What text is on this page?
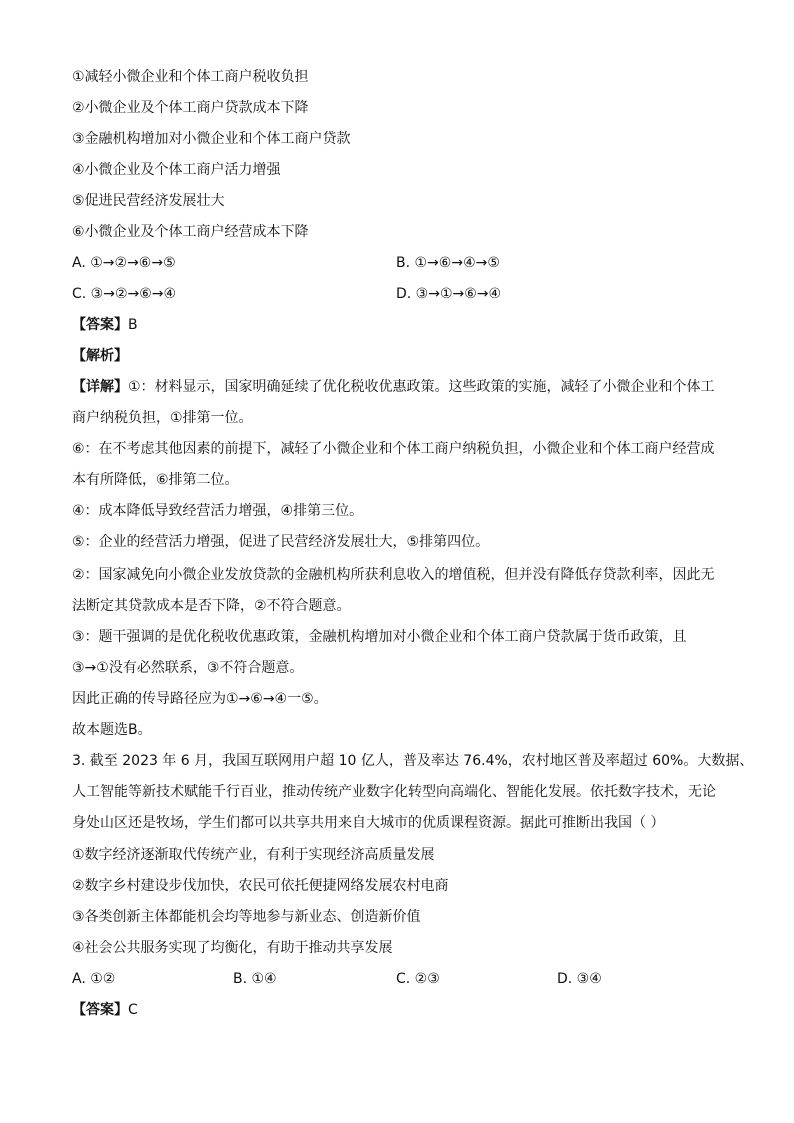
①减轻小微企业和个体工商户税收负担
②小微企业及个体工商户贷款成本下降
③金融机构增加对小微企业和个体工商户贷款
④小微企业及个体工商户活力增强
⑤促进民营经济发展壮大
⑥小微企业及个体工商户经营成本下降
A. ①→②→⑥→⑤	B. ①→⑥→④→⑤
C. ③→②→⑥→④	D. ③→①→⑥→④
【答案】B
【解析】
【详解】①：材料显示，国家明确延续了优化税收优惠政策。这些政策的实施，减轻了小微企业和个体工
商户纳税负担，①排第一位。
⑥：在不考虑其他因素的前提下，减轻了小微企业和个体工商户纳税负担，小微企业和个体工商户经营成
本有所降低，⑥排第二位。
④：成本降低导致经营活力增强，④排第三位。
⑤：企业的经营活力增强，促进了民营经济发展壮大，⑤排第四位。
②：国家减免向小微企业发放贷款的金融机构所获利息收入的增值税，但并没有降低存贷款利率，因此无
法断定其贷款成本是否下降，②不符合题意。
③：题干强调的是优化税收优惠政策，金融机构增加对小微企业和个体工商户贷款属于货币政策，且
③→①没有必然联系，③不符合题意。
因此正确的传导路径应为①→⑥→④一⑤。
故本题选B。
3. 截至 2023 年 6 月，我国互联网用户超 10 亿人，普及率达 76.4%，农村地区普及率超过 60%。大数据、
人工智能等新技术赋能千行百业，推动传统产业数字化转型向高端化、智能化发展。依托数字技术，无论
身处山区还是牧场，学生们都可以共享共用来自大城市的优质课程资源。据此可推断出我国（ ）
①数字经济逐渐取代传统产业，有利于实现经济高质量发展
②数字乡村建设步伐加快，农民可依托便捷网络发展农村电商
③各类创新主体都能机会均等地参与新业态、创造新价值
④社会公共服务实现了均衡化，有助于推动共享发展
A. ①②	B. ①④	C. ②③	D. ③④
【答案】C
